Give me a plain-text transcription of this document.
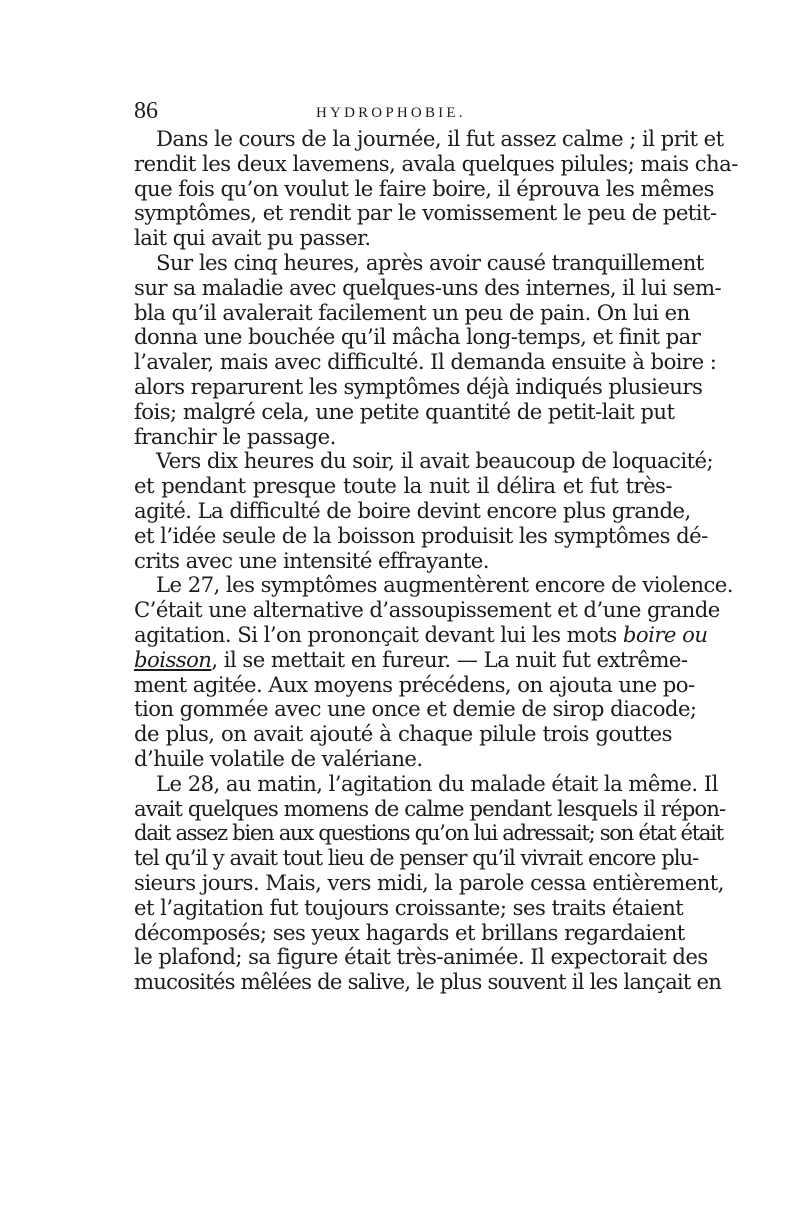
86	HYDROPHOBIE.
Dans le cours de la journée, il fut assez calme ; il prit et
rendit les deux lavemens, avala quelques pilules; mais cha-
que fois qu’on voulut le faire boire, il éprouva les mêmes
symptômes, et rendit par le vomissement le peu de petit-
lait qui avait pu passer.
Sur les cinq heures, après avoir causé tranquillement
sur sa maladie avec quelques-uns des internes, il lui sem-
bla qu’il avalerait facilement un peu de pain. On lui en
donna une bouchée qu’il mâcha long-temps, et finit par
l’avaler, mais avec difficulté. Il demanda ensuite à boire :
alors reparurent les symptômes déjà indiqués plusieurs
fois; malgré cela, une petite quantité de petit-lait put
franchir le passage.
Vers dix heures du soir, il avait beaucoup de loquacité;
et pendant presque toute la nuit il délira et fut très-
agité. La difficulté de boire devint encore plus grande,
et l’idée seule de la boisson produisit les symptômes dé-
crits avec une intensité effrayante.
Le 27, les symptômes augmentèrent encore de violence.
C’était une alternative d’assoupissement et d’une grande
agitation. Si l’on prononçait devant lui les mots boire ou
boisson, il se mettait en fureur. — La nuit fut extrême-
ment agitée. Aux moyens précédens, on ajouta une po-
tion gommée avec une once et demie de sirop diacode;
de plus, on avait ajouté à chaque pilule trois gouttes
d’huile volatile de valériane.
Le 28, au matin, l’agitation du malade était la même. Il
avait quelques momens de calme pendant lesquels il répon-
dait assez bien aux questions qu’on lui adressait; son état était
tel qu’il y avait tout lieu de penser qu’il vivrait encore plu-
sieurs jours. Mais, vers midi, la parole cessa entièrement,
et l’agitation fut toujours croissante; ses traits étaient
décomposés; ses yeux hagards et brillans regardaient
le plafond; sa figure était très-animée. Il expectorait des
mucosités mêlées de salive, le plus souvent il les lançait en
